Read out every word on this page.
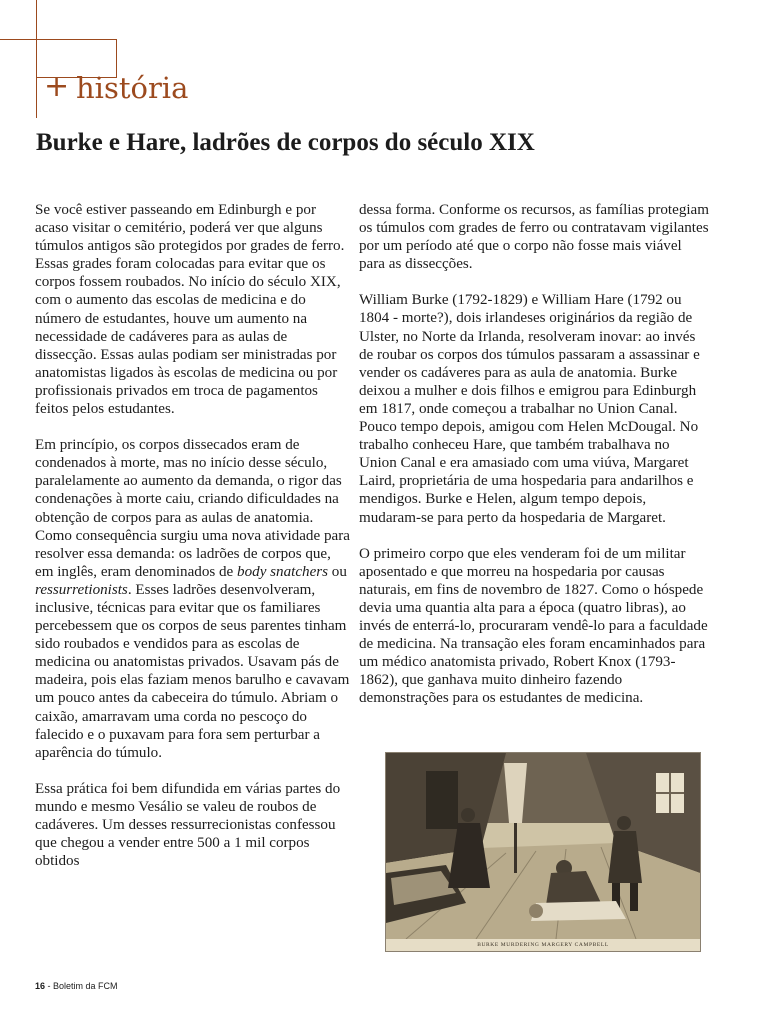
+ história
Burke e Hare, ladrões de corpos do século XIX

Se você estiver passeando em Edinburgh e por acaso visitar o cemitério, poderá ver que alguns túmulos antigos são protegidos por grades de ferro. Essas grades foram colocadas para evitar que os corpos fossem roubados. No início do século XIX, com o aumento das escolas de medicina e do número de estudantes, houve um aumento na necessidade de cadáveres para as aulas de dissecção. Essas aulas podiam ser ministradas por anatomistas ligados às escolas de medicina ou por profissionais privados em troca de pagamentos feitos pelos estudantes.

Em princípio, os corpos dissecados eram de condenados à morte, mas no início desse século, paralelamente ao aumento da demanda, o rigor das condenações à morte caiu, criando dificuldades na obtenção de corpos para as aulas de anatomia. Como consequência surgiu uma nova atividade para resolver essa demanda: os ladrões de corpos que, em inglês, eram denominados de body snatchers ou ressurretionists. Esses ladrões desenvolveram, inclusive, técnicas para evitar que os familiares percebessem que os corpos de seus parentes tinham sido roubados e vendidos para as escolas de medicina ou anatomistas privados. Usavam pás de madeira, pois elas faziam menos barulho e cavavam um pouco antes da cabeceira do túmulo. Abriam o caixão, amarravam uma corda no pescoço do falecido e o puxavam para fora sem perturbar a aparência do túmulo.

Essa prática foi bem difundida em várias partes do mundo e mesmo Vesálio se valeu de roubos de cadáveres. Um desses ressurrecionistas confessou que chegou a vender entre 500 a 1 mil corpos obtidos

dessa forma. Conforme os recursos, as famílias protegiam os túmulos com grades de ferro ou contratavam vigilantes por um período até que o corpo não fosse mais viável para as dissecções.

William Burke (1792-1829) e William Hare (1792 ou 1804 - morte?), dois irlandeses originários da região de Ulster, no Norte da Irlanda, resolveram inovar: ao invés de roubar os corpos dos túmulos passaram a assassinar e vender os cadáveres para as aula de anatomia. Burke deixou a mulher e dois filhos e emigrou para Edinburgh em 1817, onde começou a trabalhar no Union Canal. Pouco tempo depois, amigou com Helen McDougal. No trabalho conheceu Hare, que também trabalhava no Union Canal e era amasiado com uma viúva, Margaret Laird, proprietária de uma hospedaria para andarilhos e mendigos. Burke e Helen, algum tempo depois, mudaram-se para perto da hospedaria de Margaret.

O primeiro corpo que eles venderam foi de um militar aposentado e que morreu na hospedaria por causas naturais, em fins de novembro de 1827. Como o hóspede devia uma quantia alta para a época (quatro libras), ao invés de enterrá-lo, procuraram vendê-lo para a faculdade de medicina. Na transação eles foram encaminhados para um médico anatomista privado, Robert Knox (1793-1862), que ganhava muito dinheiro fazendo demonstrações para os estudantes de medicina.

BURKE MURDERING MARGERY CAMPBELL
16 - Boletim da FCM
